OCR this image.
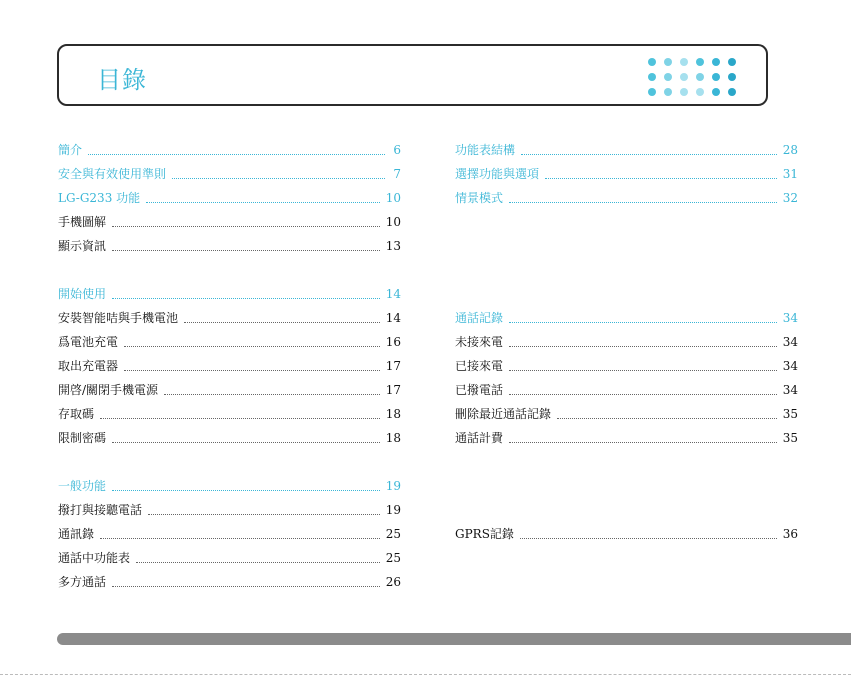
目錄
簡介	6
安全與有效使用準則	7
LG-G233 功能	10
手機圖解	10
顯示資訊	13
開始使用	14
安裝智能咭與手機電池	14
爲電池充電	16
取出充電器	17
開啓/關閉手機電源	17
存取碼	18
限制密碼	18
一般功能	19
撥打與接聽電話	19
通訊錄	25
通話中功能表	25
多方通話	26
功能表結構	28
選擇功能與選項	31
情景模式	32
通話記錄	34
未接來電	34
已接來電	34
已撥電話	34
刪除最近通話記錄	35
通話計費	35
GPRS記錄	36
